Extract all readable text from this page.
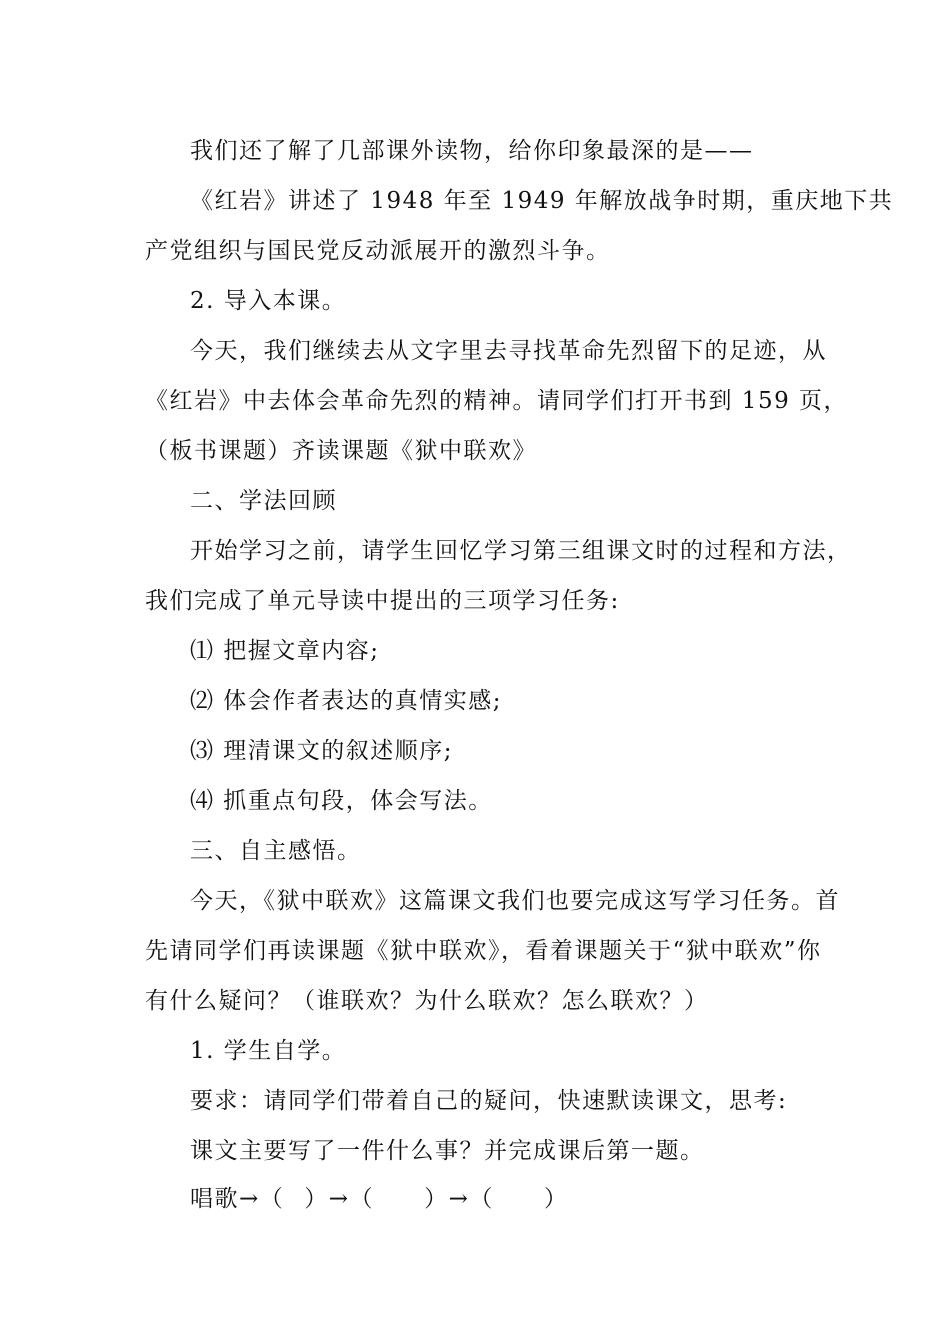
我们还了解了几部课外读物，给你印象最深的是——
《红岩》讲述了 1948 年至 1949 年解放战争时期，重庆地下共
产党组织与国民党反动派展开的激烈斗争。
2. 导入本课。
今天，我们继续去从文字里去寻找革命先烈留下的足迹，从
《红岩》中去体会革命先烈的精神。请同学们打开书到 159 页，
（板书课题）齐读课题《狱中联欢》
二、学法回顾
开始学习之前，请学生回忆学习第三组课文时的过程和方法，
我们完成了单元导读中提出的三项学习任务:
⑴ 把握文章内容;
⑵ 体会作者表达的真情实感;
⑶ 理清课文的叙述顺序;
⑷ 抓重点句段，体会写法。
三、自主感悟。
今天，《狱中联欢》这篇课文我们也要完成这写学习任务。首
先请同学们再读课题《狱中联欢》，看着课题关于“狱中联欢”你
有什么疑问？（谁联欢？为什么联欢？怎么联欢？）
1. 学生自学。
要求：请同学们带着自己的疑问，快速默读课文，思考:
课文主要写了一件什么事？并完成课后第一题。
唱歌→（ ）→（ ）→（ ）
